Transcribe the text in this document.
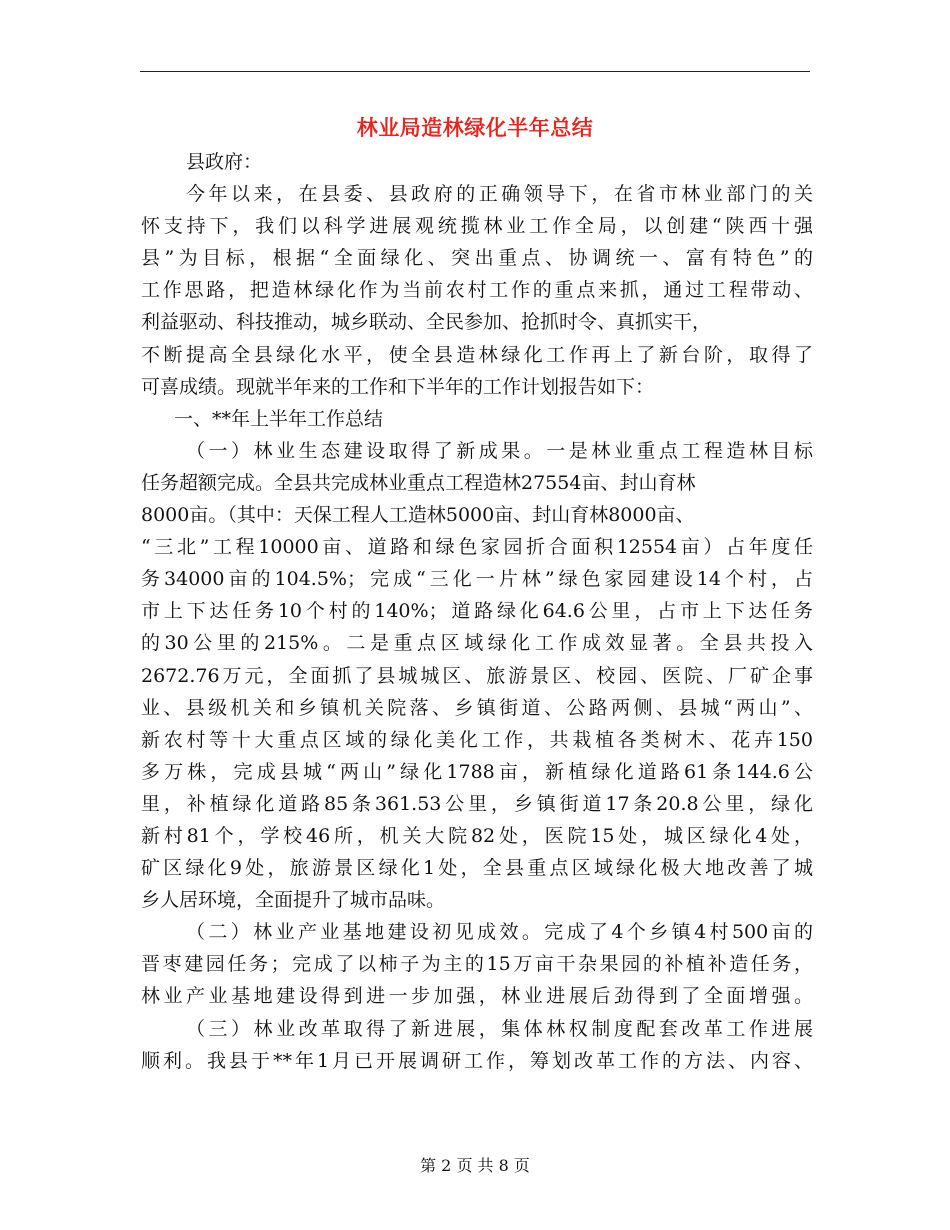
林业局造林绿化半年总结
县政府：
今年以来，在县委、县政府的正确领导下，在省市林业部门的关
怀支持下，我们以科学进展观统揽林业工作全局，以创建“陕西十强
县”为目标，根据“全面绿化、突出重点、协调统一、富有特色”的
工作思路，把造林绿化作为当前农村工作的重点来抓，通过工程带动、
利益驱动、科技推动，城乡联动、全民参加、抢抓时令、真抓实干，
不断提高全县绿化水平，使全县造林绿化工作再上了新台阶，取得了
可喜成绩。现就半年来的工作和下半年的工作计划报告如下：
一、**年上半年工作总结
（一）林业生态建设取得了新成果。一是林业重点工程造林目标
任务超额完成。全县共完成林业重点工程造林27554亩、封山育林
8000亩。（其中：天保工程人工造林5000亩、封山育林8000亩、
“三北”工程10000亩、道路和绿色家园折合面积12554亩）占年度任
务34000亩的104.5%；完成“三化一片林”绿色家园建设14个村，占
市上下达任务10个村的140%；道路绿化64.6公里，占市上下达任务
的30公里的215%。二是重点区域绿化工作成效显著。全县共投入
2672.76万元，全面抓了县城城区、旅游景区、校园、医院、厂矿企事
业、县级机关和乡镇机关院落、乡镇街道、公路两侧、县城“两山”、
新农村等十大重点区域的绿化美化工作，共栽植各类树木、花卉150
多万株，完成县城“两山”绿化1788亩，新植绿化道路61条144.6公
里，补植绿化道路85条361.53公里，乡镇街道17条20.8公里，绿化
新村81个，学校46所，机关大院82处，医院15处，城区绿化4处，
矿区绿化9处，旅游景区绿化1处，全县重点区域绿化极大地改善了城
乡人居环境，全面提升了城市品味。
（二）林业产业基地建设初见成效。完成了4个乡镇4村500亩的
晋枣建园任务；完成了以柿子为主的15万亩干杂果园的补植补造任务，
林业产业基地建设得到进一步加强，林业进展后劲得到了全面增强。
（三）林业改革取得了新进展，集体林权制度配套改革工作进展
顺利。我县于**年1月已开展调研工作，筹划改革工作的方法、内容、
第 2 页 共 8 页
